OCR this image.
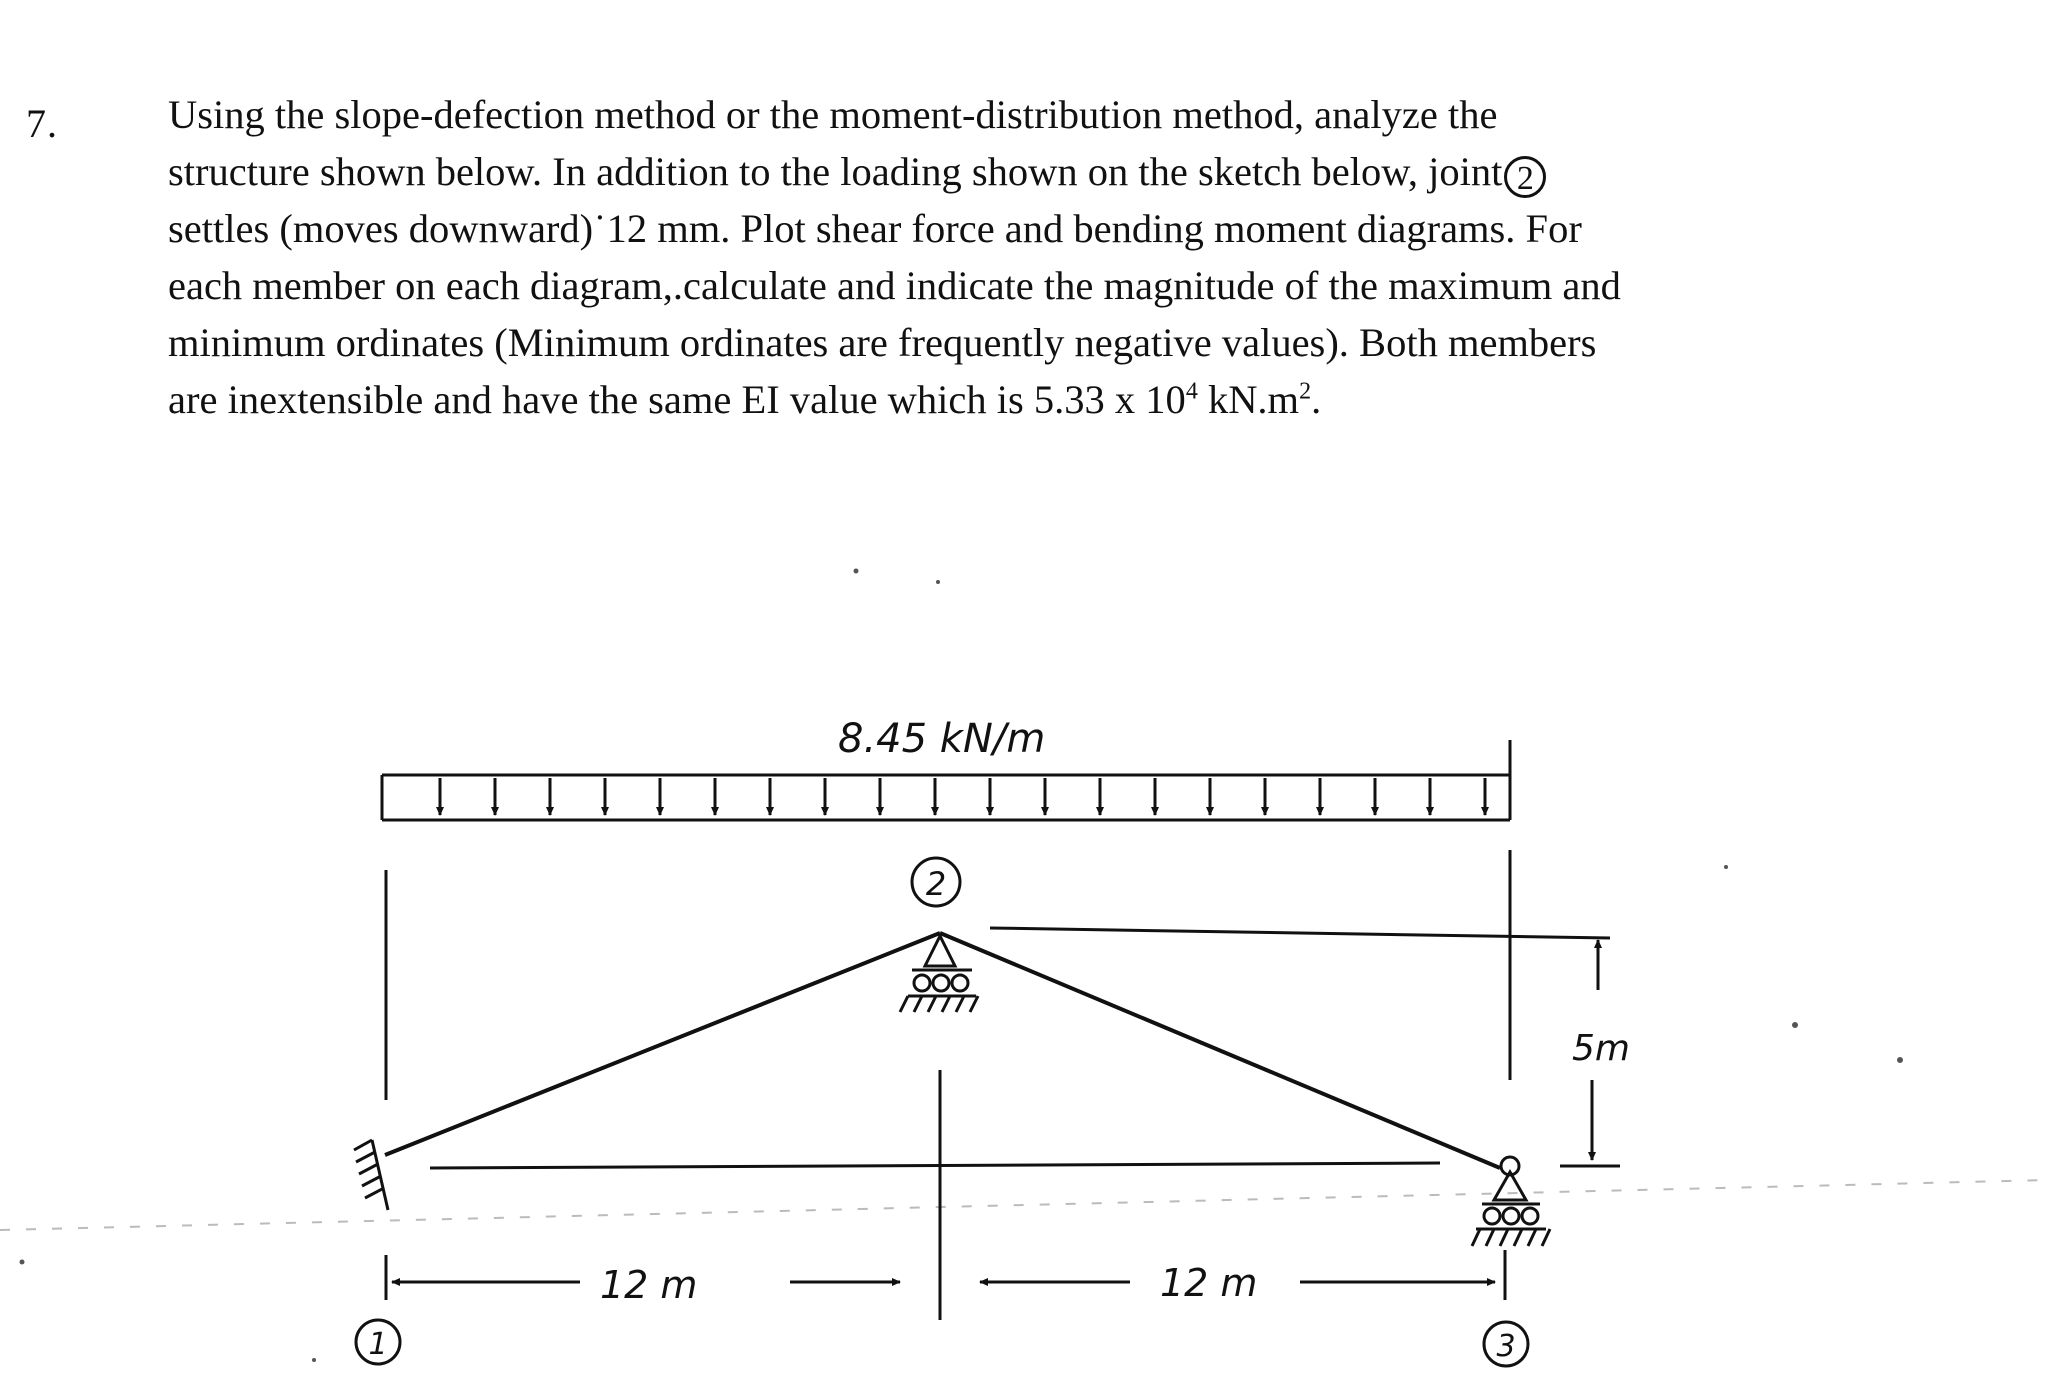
7.	Using the slope-defection method or the moment-distribution method, analyze the
structure shown below. In addition to the loading shown on the sketch below, joint 2
settles (moves downward)˙12 mm. Plot shear force and bending moment diagrams. For
each member on each diagram,.calculate and indicate the magnitude of the maximum and
minimum ordinates (Minimum ordinates are frequently negative values). Both members
are inextensible and have the same EI value which is 5.33 x $10^4$ $kN.m^2$.
8.45 kN/m
5m
12 m	12 m
2
1	3
